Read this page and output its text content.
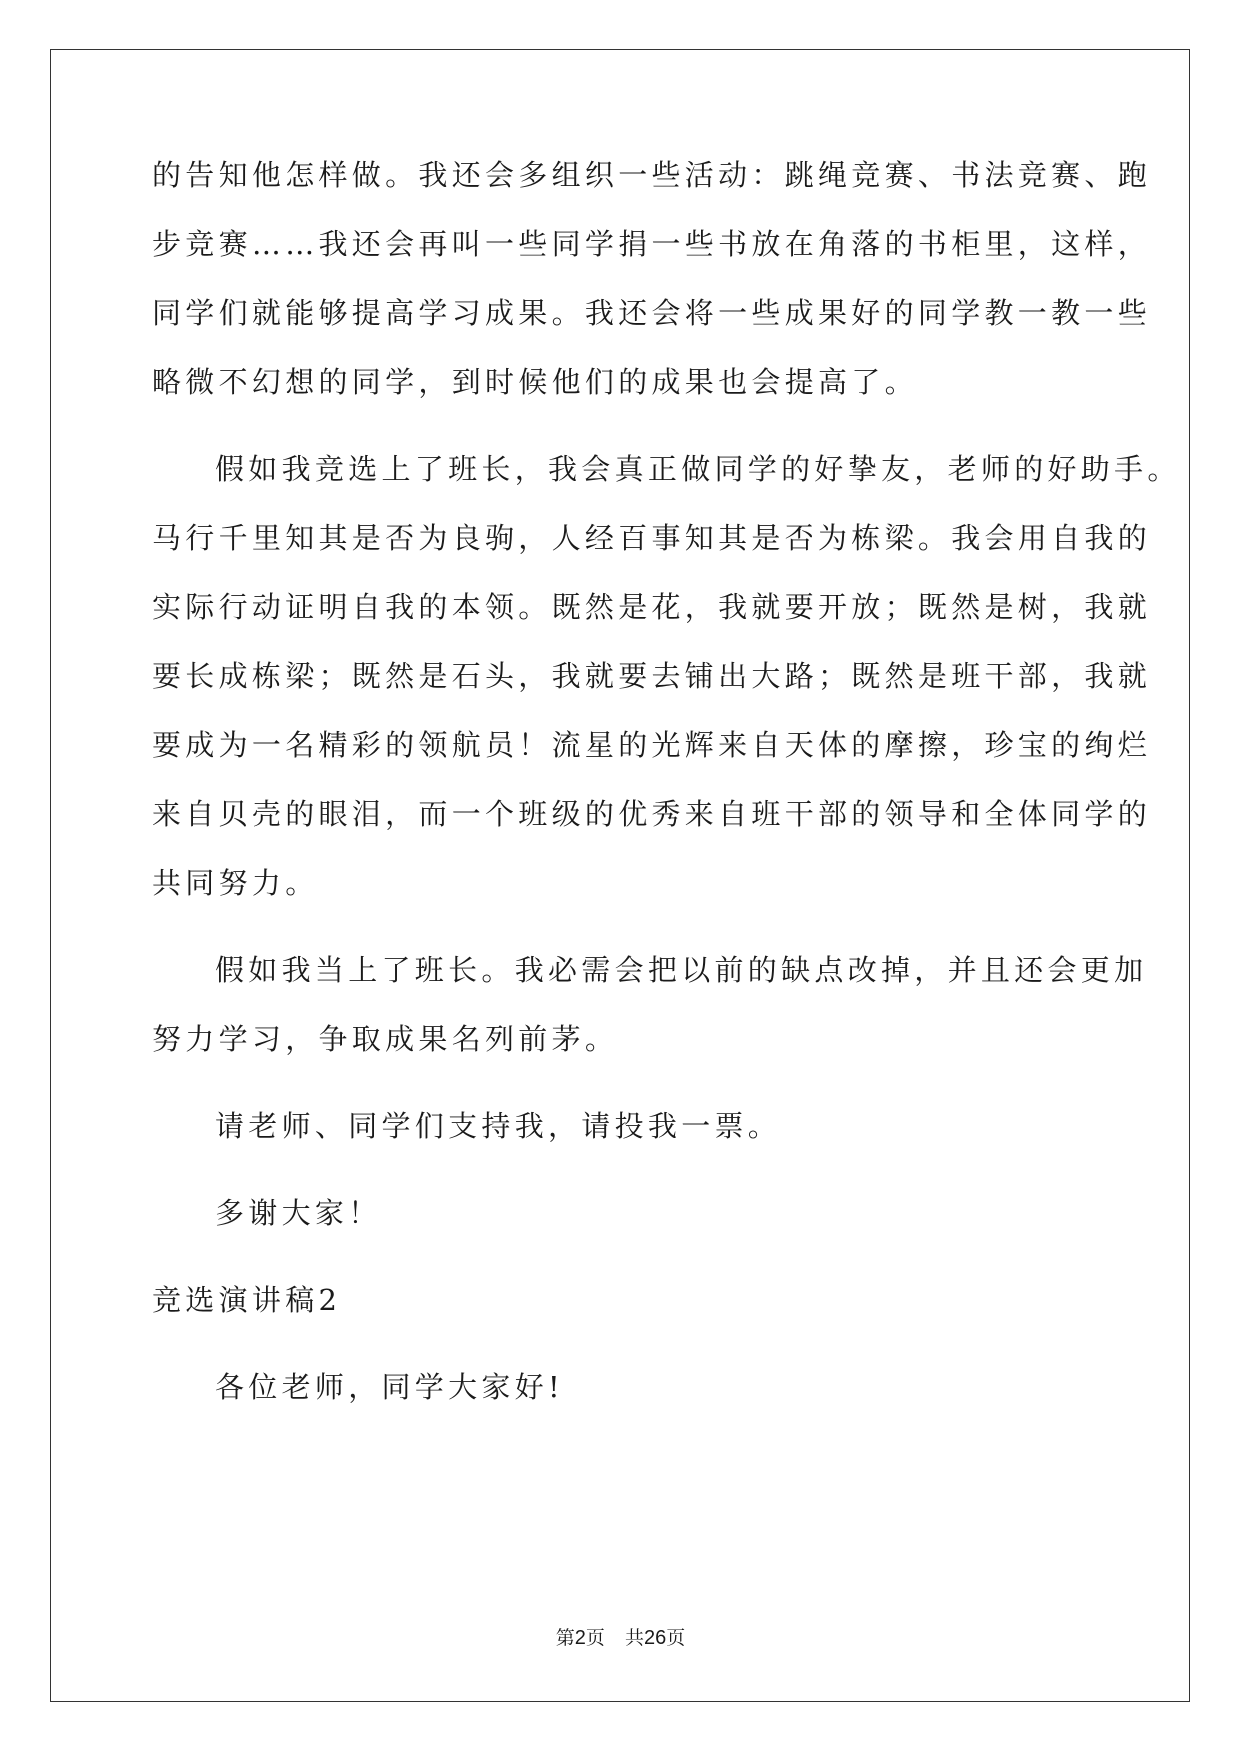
的告知他怎样做。我还会多组织一些活动：跳绳竞赛、书法竞赛、跑
步竞赛……我还会再叫一些同学捐一些书放在角落的书柜里，这样，
同学们就能够提高学习成果。我还会将一些成果好的同学教一教一些
略微不幻想的同学，到时候他们的成果也会提高了。
假如我竞选上了班长，我会真正做同学的好挚友，老师的好助手。
马行千里知其是否为良驹，人经百事知其是否为栋梁。我会用自我的
实际行动证明自我的本领。既然是花，我就要开放；既然是树，我就
要长成栋梁；既然是石头，我就要去铺出大路；既然是班干部，我就
要成为一名精彩的领航员！流星的光辉来自天体的摩擦，珍宝的绚烂
来自贝壳的眼泪，而一个班级的优秀来自班干部的领导和全体同学的
共同努力。
假如我当上了班长。我必需会把以前的缺点改掉，并且还会更加
努力学习，争取成果名列前茅。
请老师、同学们支持我，请投我一票。
多谢大家！
竞选演讲稿2
各位老师，同学大家好!
第2页 共26页
